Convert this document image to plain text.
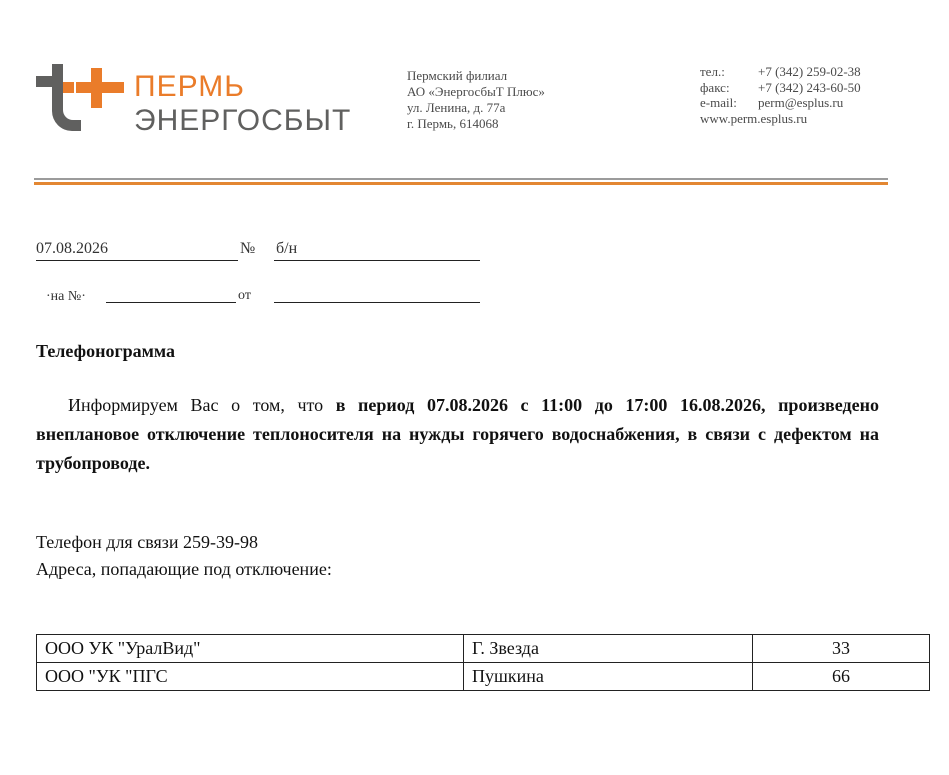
ПЕРМЬ
ЭНЕРГОСБЫТ
Пермский филиал
АО «ЭнергосбыТ Плюс»
ул. Ленина, д. 77а
г. Пермь, 614068
тел.:	+7 (342) 259-02-38
факс: +7 (342) 243-60-50
e-mail: perm@esplus.ru
www.perm.esplus.ru
07.08.2026	№ б/н
·на №·	от
Телефонограмма
Информируем Вас о том, что в период 07.08.2026 с 11:00 до 17:00 16.08.2026, произведено внеплановое отключение теплоносителя на нужды горячего водоснабжения, в связи с дефектом на трубопроводе.
Телефон для связи 259-39-98
Адреса, попадающие под отключение:
ООО УК "УралВид"	Г. Звезда	33
ООО "УК "ПГС	Пушкина	66
